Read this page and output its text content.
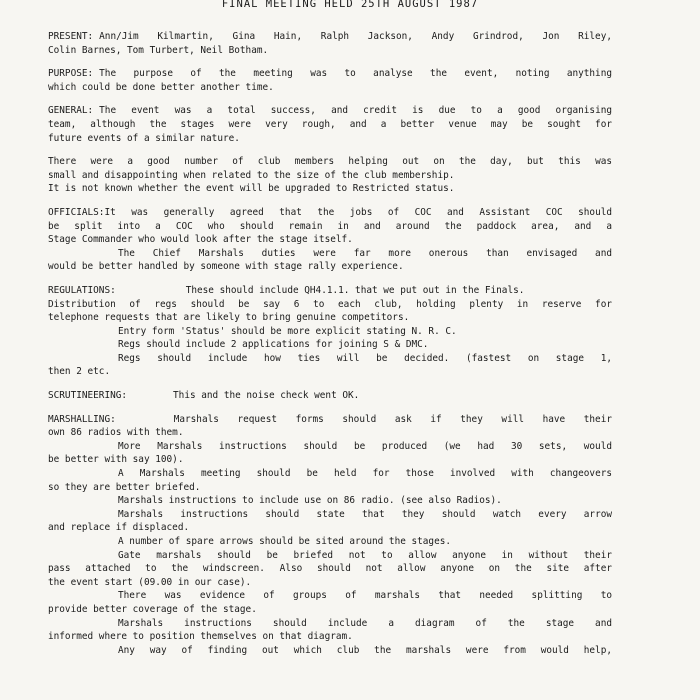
FINAL MEETING HELD 25TH AUGUST 1987
PRESENT: Ann/Jim Kilmartin, Gina Hain, Ralph Jackson, Andy Grindrod, Jon Riley,
Colin Barnes, Tom Turbert, Neil Botham.
PURPOSE: The purpose of the meeting was to analyse the event, noting anything
which could be done better another time.
GENERAL: The event was a total success, and credit is due to a good organising
team, although the stages were very rough, and a better venue may be sought for
future events of a similar nature.
There were a good number of club members helping out on the day, but this was
small and disappointing when related to the size of the club membership.
It is not known whether the event will be upgraded to Restricted status.
OFFICIALS:It was generally agreed that the jobs of COC and Assistant COC should
be split into a COC who should remain in and around the paddock area, and a
Stage Commander who would look after the stage itself.
The Chief Marshals duties were far more onerous than envisaged and
would be better handled by someone with stage rally experience.
REGULATIONS:	These should include QH4.1.1. that we put out in the Finals.
Distribution of regs should be say 6 to each club, holding plenty in reserve for
telephone requests that are likely to bring genuine competitors.
Entry form 'Status' should be more explicit stating N. R. C.
Regs should include 2 applications for joining S & DMC.
Regs should include how ties will be decided. (fastest on stage 1,
then 2 etc.
SCRUTINEERING:	This and the noise check went OK.
MARSHALLING:	Marshals request forms should ask if they will have their
own 86 radios with them.
More Marshals instructions should be produced (we had 30 sets, would
be better with say 100).
A Marshals meeting should be held for those involved with changeovers
so they are better briefed.
Marshals instructions to include use on 86 radio. (see also Radios).
Marshals instructions should state that they should watch every arrow
and replace if displaced.
A number of spare arrows should be sited around the stages.
Gate marshals should be briefed not to allow anyone in without their
pass attached to the windscreen. Also should not allow anyone on the site after
the event start (09.00 in our case).
There was evidence of groups of marshals that needed splitting to
provide better coverage of the stage.
Marshals instructions should include a diagram of the stage and
informed where to position themselves on that diagram.
Any way of finding out which club the marshals were from would help,
